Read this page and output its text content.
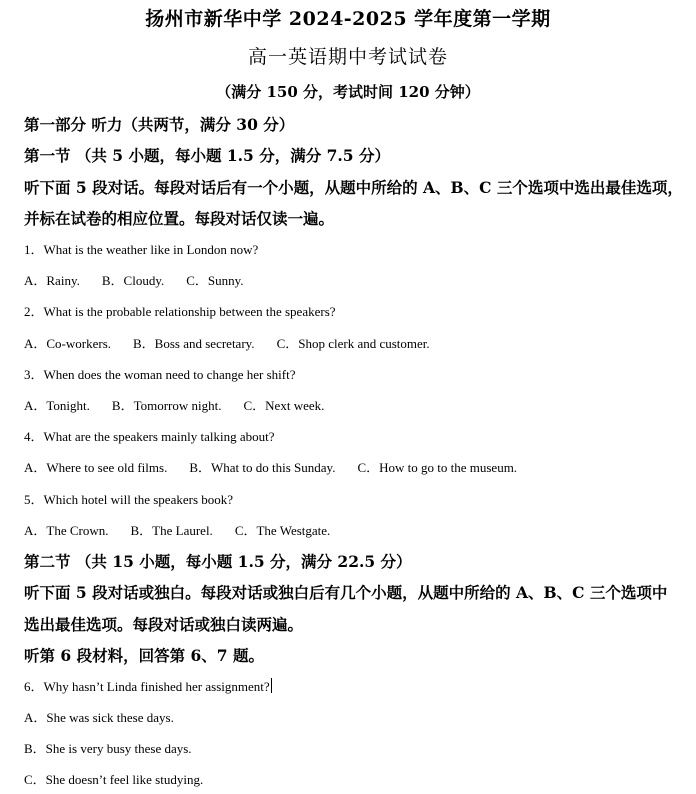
扬州市新华中学 2024-2025 学年度第一学期
高一英语期中考试试卷
（满分 150 分，考试时间 120 分钟）
第一部分 听力（共两节，满分 30 分）
第一节 （共 5 小题，每小题 1.5 分，满分 7.5 分）
听下面 5 段对话。每段对话后有一个小题，从题中所给的 A、B、C 三个选项中选出最佳选项，
并标在试卷的相应位置。每段对话仅读一遍。
1．What is the weather like in London now?
A．Rainy. B．Cloudy. C．Sunny.
2．What is the probable relationship between the speakers?
A．Co-workers. B．Boss and secretary. C．Shop clerk and customer.
3．When does the woman need to change her shift?
A．Tonight. B．Tomorrow night. C．Next week.
4．What are the speakers mainly talking about?
A．Where to see old films. B．What to do this Sunday. C．How to go to the museum.
5．Which hotel will the speakers book?
A．The Crown. B．The Laurel. C．The Westgate.
第二节 （共 15 小题，每小题 1.5 分，满分 22.5 分）
听下面 5 段对话或独白。每段对话或独白后有几个小题，从题中所给的 A、B、C 三个选项中
选出最佳选项。每段对话或独白读两遍。
听第 6 段材料，回答第 6、7 题。
6．Why hasn’t Linda finished her assignment?
A．She was sick these days.
B．She is very busy these days.
C．She doesn’t feel like studying.
